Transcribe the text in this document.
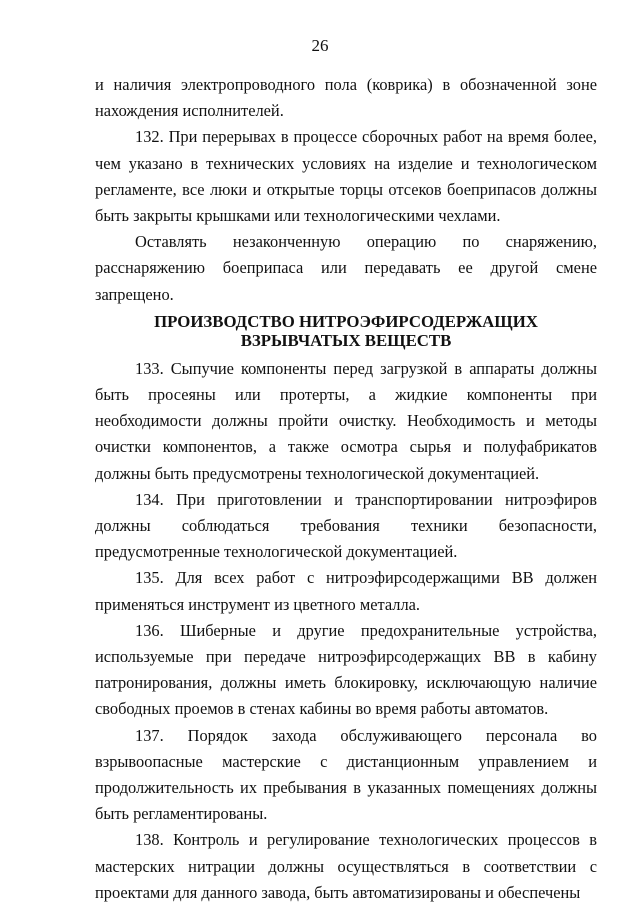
26

и наличия электропроводного пола (коврика) в обозначенной зоне нахождения исполнителей.

132. При перерывах в процессе сборочных работ на время более, чем указано в технических условиях на изделие и технологическом регламенте, все люки и открытые торцы отсеков боеприпасов должны быть закрыты крышками или технологическими чехлами.

Оставлять незаконченную операцию по снаряжению, расснаряжению боеприпаса или передавать ее другой смене запрещено.

ПРОИЗВОДСТВО НИТРОЭФИРСОДЕРЖАЩИХ ВЗРЫВЧАТЫХ ВЕЩЕСТВ

133. Сыпучие компоненты перед загрузкой в аппараты должны быть просеяны или протерты, а жидкие компоненты при необходимости должны пройти очистку. Необходимость и методы очистки компонентов, а также осмотра сырья и полуфабрикатов должны быть предусмотрены технологической документацией.

134. При приготовлении и транспортировании нитроэфиров должны соблюдаться требования техники безопасности, предусмотренные технологической документацией.

135. Для всех работ с нитроэфирсодержащими ВВ должен применяться инструмент из цветного металла.

136. Шиберные и другие предохранительные устройства, используемые при передаче нитроэфирсодержащих ВВ в кабину патронирования, должны иметь блокировку, исключающую наличие свободных проемов в стенах кабины во время работы автоматов.

137. Порядок захода обслуживающего персонала во взрывоопасные мастерские с дистанционным управлением и продолжительность их пребывания в указанных помещениях должны быть регламентированы.

138. Контроль и регулирование технологических процессов в мастерских нитрации должны осуществляться в соответствии с проектами для данного завода, быть автоматизированы и обеспечены
